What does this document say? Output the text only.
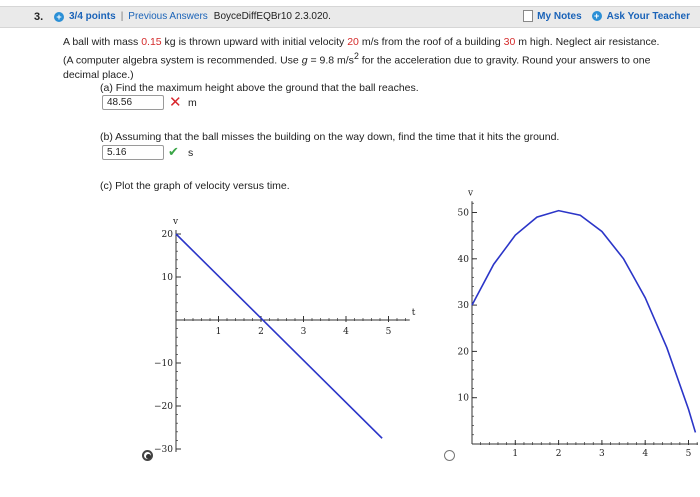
3. + 3/4 points | Previous Answers BoyceDiffEQBr10 2.3.020.	My Notes + Ask Your Teacher
A ball with mass 0.15 kg is thrown upward with initial velocity 20 m/s from the roof of a building 30 m high. Neglect air resistance. (A computer algebra system is recommended. Use g = 9.8 $m/s^2$ for the acceleration due to gravity. Round your answers to one decimal place.)
(a) Find the maximum height above the ground that the ball reaches.
48.56	✕ m
(b) Assuming that the ball misses the building on the way down, find the time that it hits the ground.
5.16	✔ s
(c) Plot the graph of velocity versus time.
v
t
20
10
−10
−20
−30
1	2	3	4	5
v
50
40
30
20
10
1	2	3	4	5
